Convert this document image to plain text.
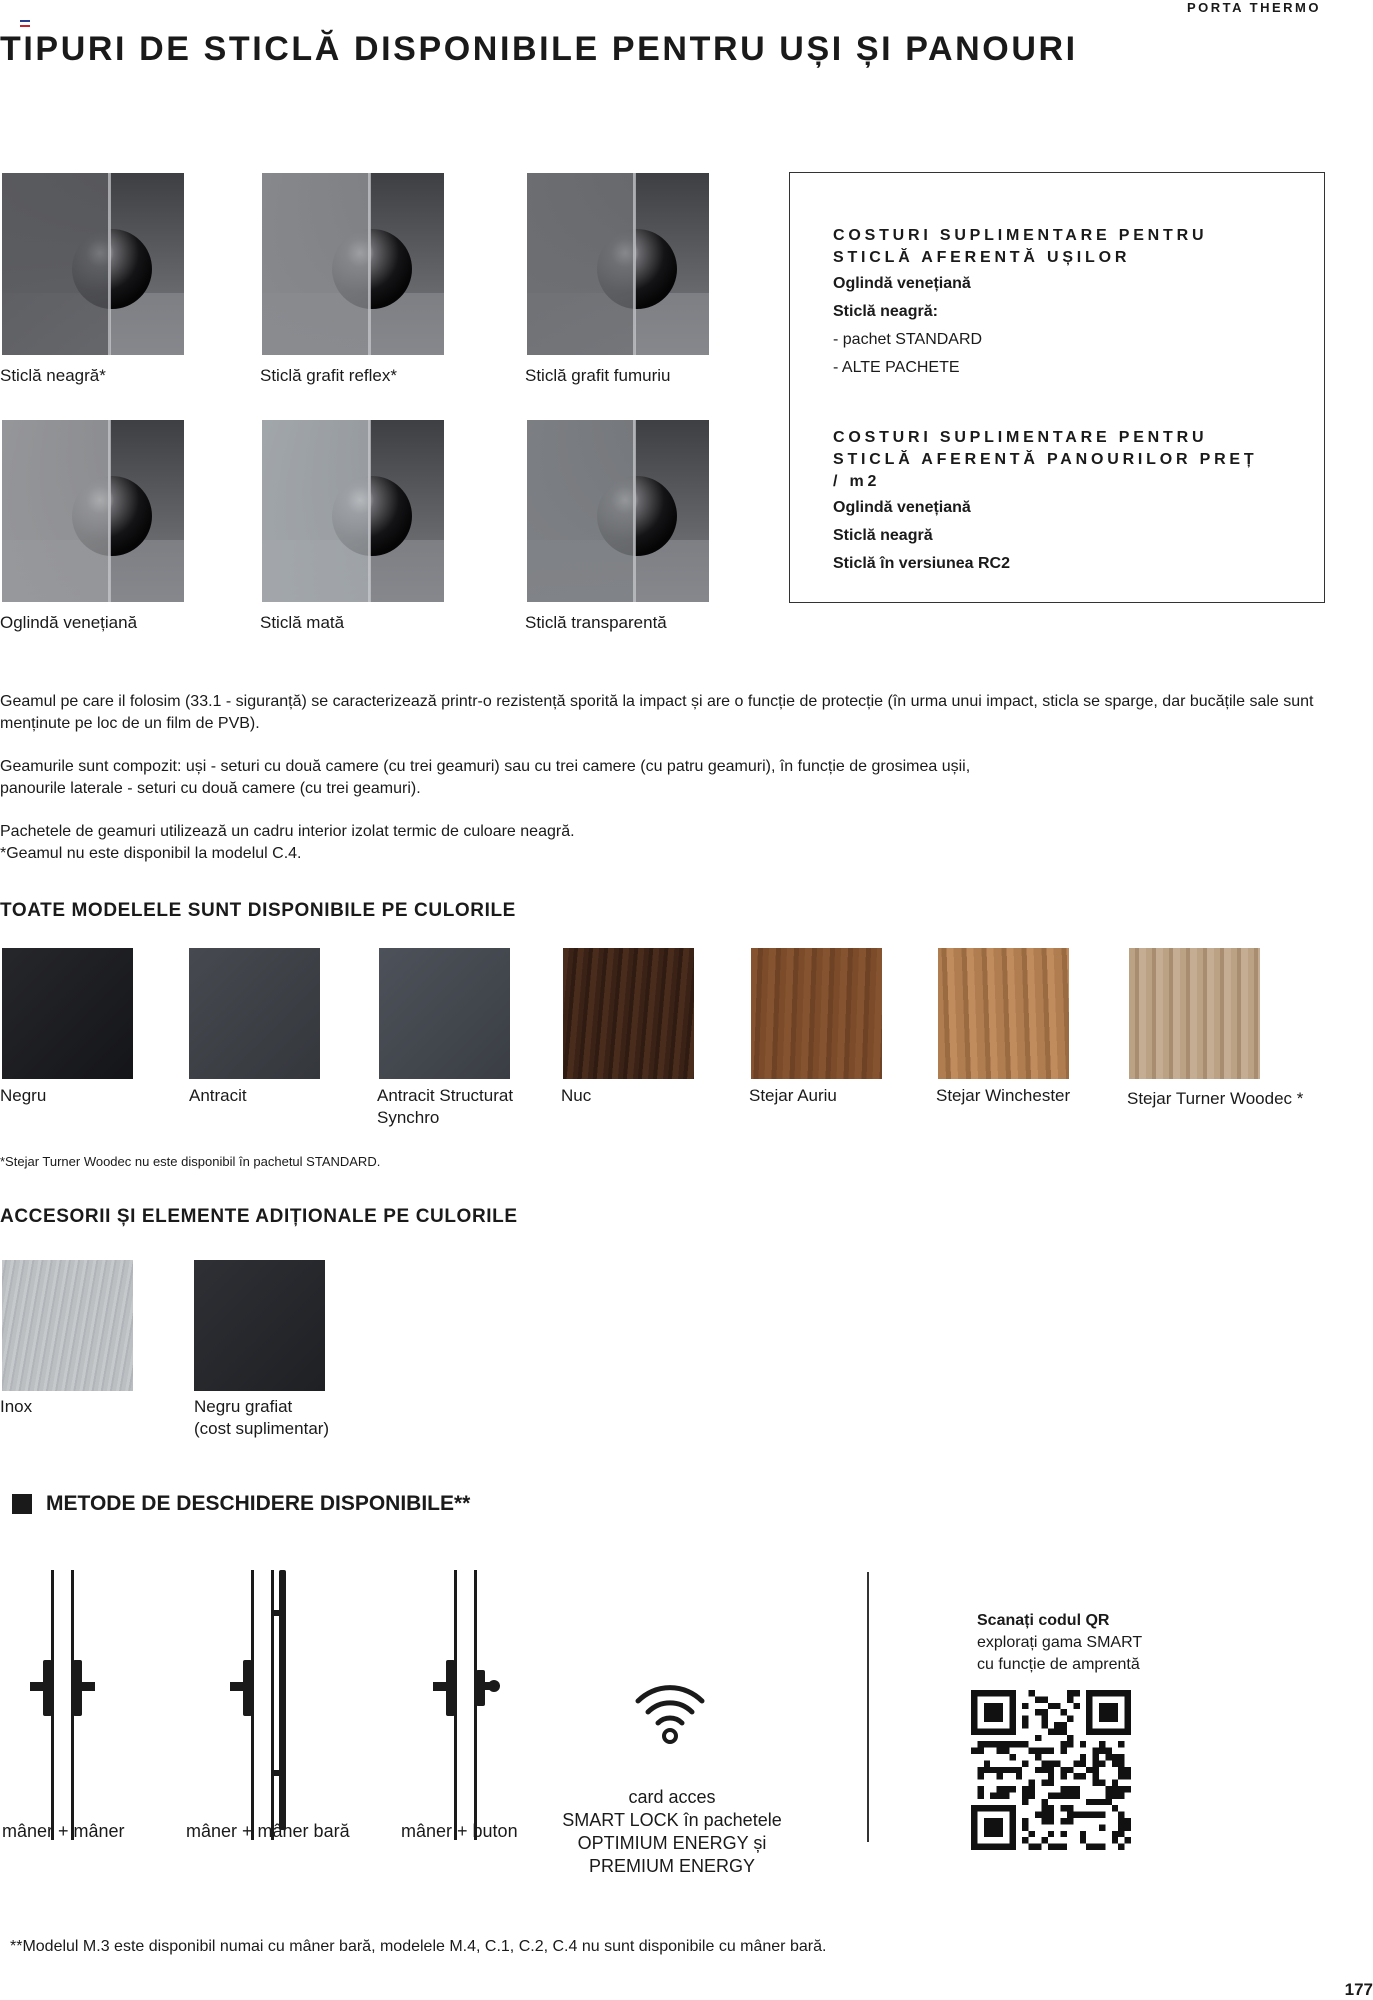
PORTA THERMO
TIPURI DE STICLĂ DISPONIBILE PENTRU UȘI ȘI PANOURI
Sticlă neagră*	Sticlă grafit reflex*	Sticlă grafit fumuriu
Oglindă venețiană	Sticlă mată	Sticlă transparentă
COSTURI SUPLIMENTARE PENTRU STICLĂ AFERENTĂ UȘILOR
Oglindă venețiană
Sticlă neagră:
- pachet STANDARD
- ALTE PACHETE
COSTURI SUPLIMENTARE PENTRU STICLĂ AFERENTĂ PANOURILOR PREȚ / m2
Oglindă venețiană
Sticlă neagră
Sticlă în versiunea RC2

Geamul pe care il folosim (33.1 - siguranță) se caracterizează printr-o rezistență sporită la impact și are o funcție de protecție (în urma unui impact, sticla se sparge, dar bucățile sale sunt menținute pe loc de un film de PVB).

Geamurile sunt compozit: uși - seturi cu două camere (cu trei geamuri) sau cu trei camere (cu patru geamuri), în funcție de grosimea ușii,

panourile laterale - seturi cu două camere (cu trei geamuri).

Pachetele de geamuri utilizează un cadru interior izolat termic de culoare neagră.

*Geamul nu este disponibil la modelul C.4.

TOATE MODELELE SUNT DISPONIBILE PE CULORILE
Negru	Antracit	Antracit Structurat
Synchro
Nuc	Stejar Auriu	Stejar Winchester	Stejar Turner Woodec *
*Stejar Turner Woodec nu este disponibil în pachetul STANDARD.
ACCESORII ȘI ELEMENTE ADIȚIONALE PE CULORILE
Inox	Negru grafiat
(cost suplimentar)
METODE DE DESCHIDERE DISPONIBILE**
mâner + mâner	mâner + mâner bară	mâner + buton
card acces
SMART LOCK în pachetele
OPTIMIUM ENERGY și
PREMIUM ENERGY
Scanați codul QR
explorați gama SMART
cu funcție de amprentă
**Modelul M.3 este disponibil numai cu mâner bară, modelele M.4, C.1, C.2, C.4 nu sunt disponibile cu mâner bară.
177
